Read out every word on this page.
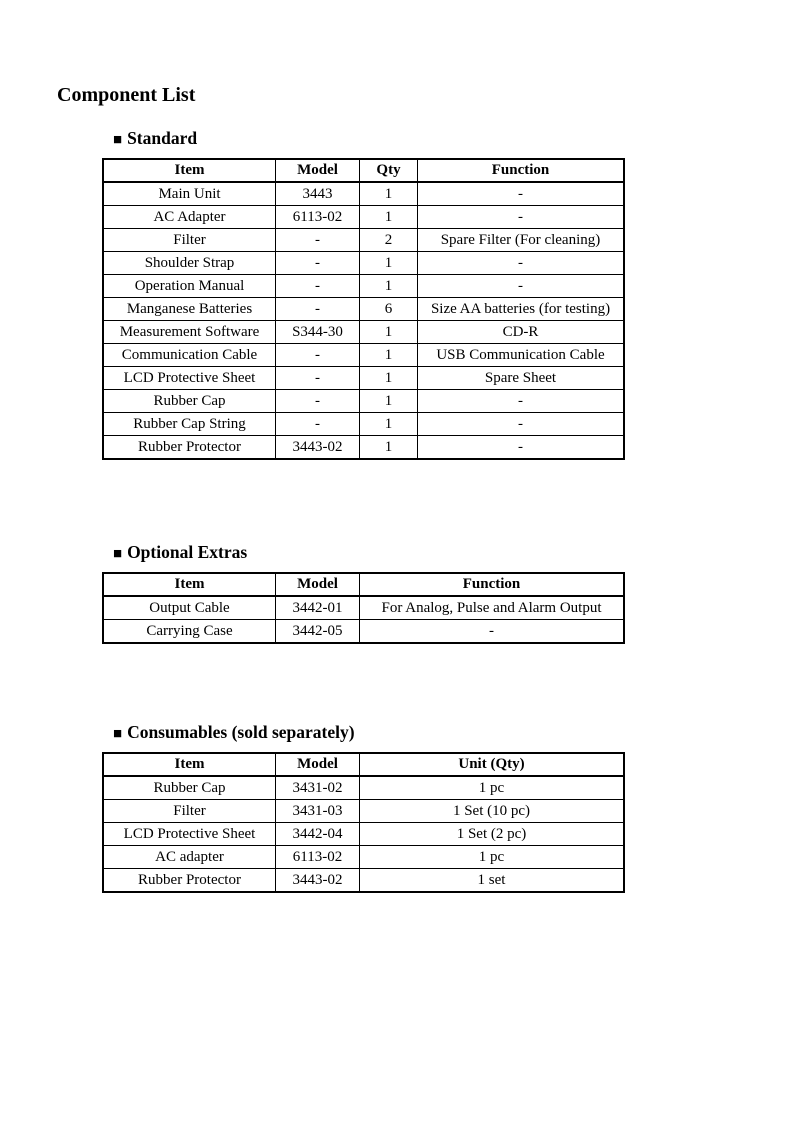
Component List
■ Standard
Item	Model	Qty	Function
Main Unit	3443	1	-
AC Adapter	6113-02	1	-
Filter	-	2	Spare Filter (For cleaning)
Shoulder Strap	-	1	-
Operation Manual	-	1	-
Manganese Batteries	-	6	Size AA batteries (for testing)
Measurement Software	S344-30	1	CD-R
Communication Cable	-	1	USB Communication Cable
LCD Protective Sheet	-	1	Spare Sheet
Rubber Cap	-	1	-
Rubber Cap String	-	1	-
Rubber Protector	3443-02	1	-
■ Optional Extras
Item	Model	Function
Output Cable	3442-01	For Analog, Pulse and Alarm Output
Carrying Case	3442-05	-
■ Consumables (sold separately)
Item	Model	Unit (Qty)
Rubber Cap	3431-02	1 pc
Filter	3431-03	1 Set (10 pc)
LCD Protective Sheet	3442-04	1 Set (2 pc)
AC adapter	6113-02	1 pc
Rubber Protector	3443-02	1 set
